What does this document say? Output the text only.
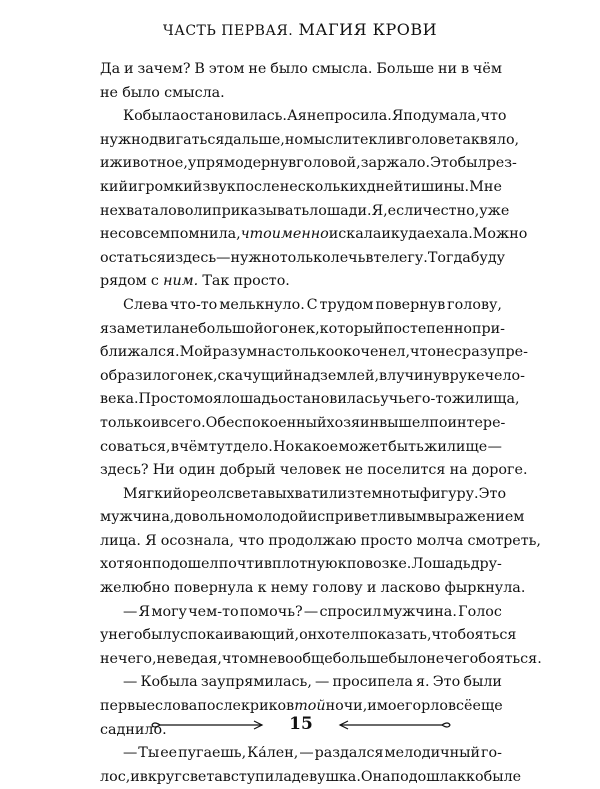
ЧАСТЬ ПЕРВАЯ. МАГИЯ КРОВИ
Да и зачем? В этом не было смысла. Больше ни в чём
не было смысла.
Кобыла остановилась. А я не просила. Я подумала, что
нужно двигаться дальше, но мысли текли в голове так вяло,
и животное, упрямо дернув головой, заржало. Это был рез-
кий и громкий звук после нескольких дней тишины. Мне
не хватало воли приказывать лошади. Я, если честно, уже
не совсем помнила, что именно искала и куда ехала. Можно
остаться и здесь — нужно только лечь в телегу. Тогда буду
рядом с ним. Так просто.
Слева что-то мелькнуло. С трудом повернув голову,
я заметила небольшой огонек, который постепенно при-
ближался. Мой разум настолько окоченел, что не сразу пре-
образил огонек, скачущий над землей, в лучину в руке чело-
века. Просто моя лошадь остановилась у чьего-то жилища,
только и всего. Обеспокоенный хозяин вышел поинтере-
соваться, в чём тут дело. Но какое может быть жилище —
здесь? Ни один добрый человек не поселится на дороге.
Мягкий ореол света выхватил из темноты фигуру. Это
мужчина, довольно молодой и с приветливым выражением
лица. Я осознала, что продолжаю просто молча смотреть,
хотя он подошел почти вплотную к повозке. Лошадь дру-
желюбно повернула к нему голову и ласково фыркнула.
— Я могу чем-то помочь? — спросил мужчина. Голос
у него был успокаивающий, он хотел показать, что бояться
нечего, не ведая, что мне вообще больше было нечего бояться.
— Кобыла заупрямилась, — просипела я. Это были
первые слова после криков той ночи, и мое горло всё еще
саднило.
— Ты ее пугаешь, Ка́лен, — раздался мелодичный го-
лос, и в круг света вступила девушка. Она подошла к кобыле
15
